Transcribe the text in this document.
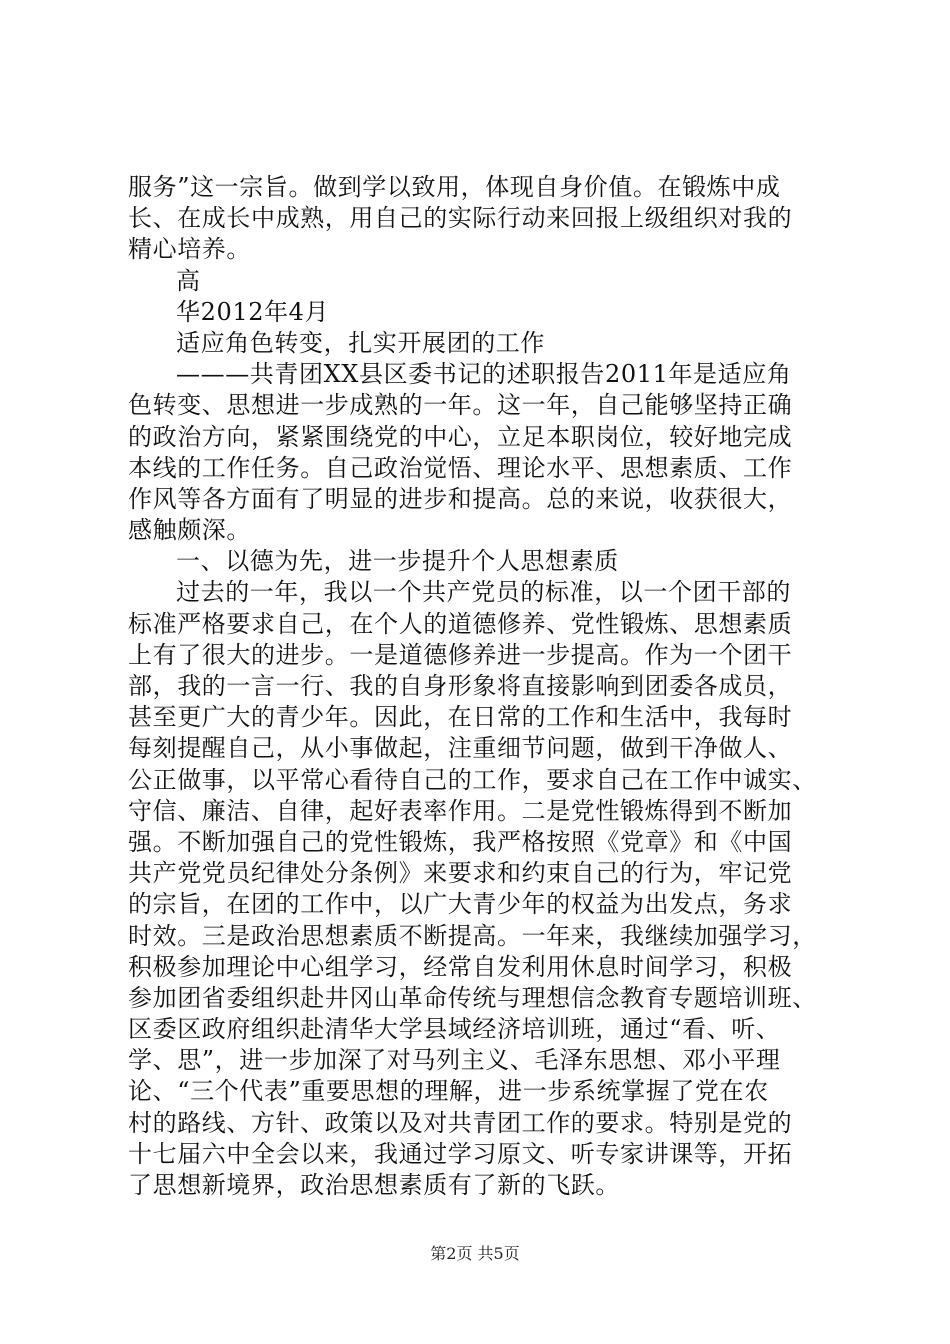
服务”这一宗旨。做到学以致用，体现自身价值。在锻炼中成
长、在成长中成熟，用自己的实际行动来回报上级组织对我的
精心培养。
高
华2012年4月
适应角色转变，扎实开展团的工作
———共青团XX县区委书记的述职报告2011年是适应角
色转变、思想进一步成熟的一年。这一年，自己能够坚持正确
的政治方向，紧紧围绕党的中心，立足本职岗位，较好地完成
本线的工作任务。自己政治觉悟、理论水平、思想素质、工作
作风等各方面有了明显的进步和提高。总的来说，收获很大，
感触颇深。
一、以德为先，进一步提升个人思想素质
过去的一年，我以一个共产党员的标准，以一个团干部的
标准严格要求自己，在个人的道德修养、党性锻炼、思想素质
上有了很大的进步。一是道德修养进一步提高。作为一个团干
部，我的一言一行、我的自身形象将直接影响到团委各成员，
甚至更广大的青少年。因此，在日常的工作和生活中，我每时
每刻提醒自己，从小事做起，注重细节问题，做到干净做人、
公正做事，以平常心看待自己的工作，要求自己在工作中诚实、
守信、廉洁、自律，起好表率作用。二是党性锻炼得到不断加
强。不断加强自己的党性锻炼，我严格按照《党章》和《中国
共产党党员纪律处分条例》来要求和约束自己的行为，牢记党
的宗旨，在团的工作中，以广大青少年的权益为出发点，务求
时效。三是政治思想素质不断提高。一年来，我继续加强学习，
积极参加理论中心组学习，经常自发利用休息时间学习，积极
参加团省委组织赴井冈山革命传统与理想信念教育专题培训班、
区委区政府组织赴清华大学县域经济培训班，通过“看、听、
学、思”，进一步加深了对马列主义、毛泽东思想、邓小平理
论、“三个代表”重要思想的理解，进一步系统掌握了党在农
村的路线、方针、政策以及对共青团工作的要求。特别是党的
十七届六中全会以来，我通过学习原文、听专家讲课等，开拓
了思想新境界，政治思想素质有了新的飞跃。
第2页 共5页
